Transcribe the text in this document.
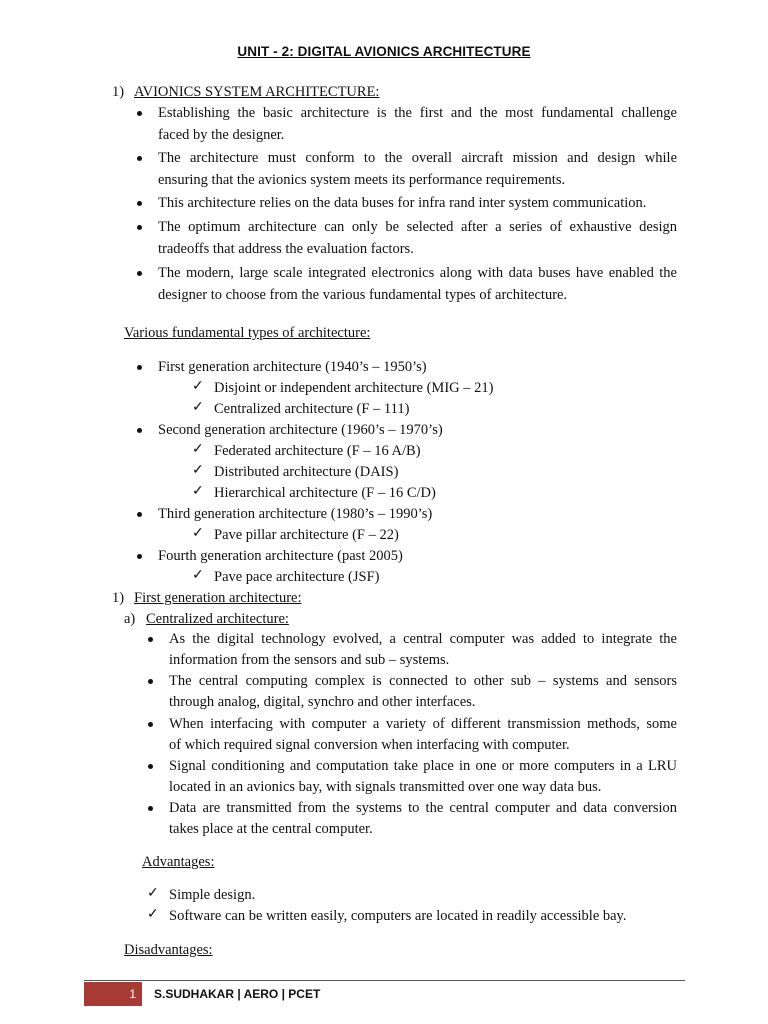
UNIT - 2: DIGITAL AVIONICS ARCHITECTURE
1) AVIONICS SYSTEM ARCHITECTURE:
Establishing the basic architecture is the first and the most fundamental challenge
faced by the designer.
The architecture must conform to the overall aircraft mission and design while
ensuring that the avionics system meets its performance requirements.
This architecture relies on the data buses for infra rand inter system communication.
The optimum architecture can only be selected after a series of exhaustive design
tradeoffs that address the evaluation factors.
The modern, large scale integrated electronics along with data buses have enabled the
designer to choose from the various fundamental types of architecture.
Various fundamental types of architecture:
First generation architecture (1940’s – 1950’s)
✓ Disjoint or independent architecture (MIG – 21)
✓ Centralized architecture (F – 111)
Second generation architecture (1960’s – 1970’s)
✓ Federated architecture (F – 16 A/B)
✓ Distributed architecture (DAIS)
✓ Hierarchical architecture (F – 16 C/D)
Third generation architecture (1980’s – 1990’s)
✓ Pave pillar architecture (F – 22)
Fourth generation architecture (past 2005)
✓ Pave pace architecture (JSF)
1) First generation architecture:
a) Centralized architecture:
As the digital technology evolved, a central computer was added to integrate the
information from the sensors and sub – systems.
The central computing complex is connected to other sub – systems and sensors
through analog, digital, synchro and other interfaces.
When interfacing with computer a variety of different transmission methods, some
of which required signal conversion when interfacing with computer.
Signal conditioning and computation take place in one or more computers in a LRU
located in an avionics bay, with signals transmitted over one way data bus.
Data are transmitted from the systems to the central computer and data conversion
takes place at the central computer.
Advantages:
✓ Simple design.
✓ Software can be written easily, computers are located in readily accessible bay.
Disadvantages:
1	S.SUDHAKAR | AERO | PCET
